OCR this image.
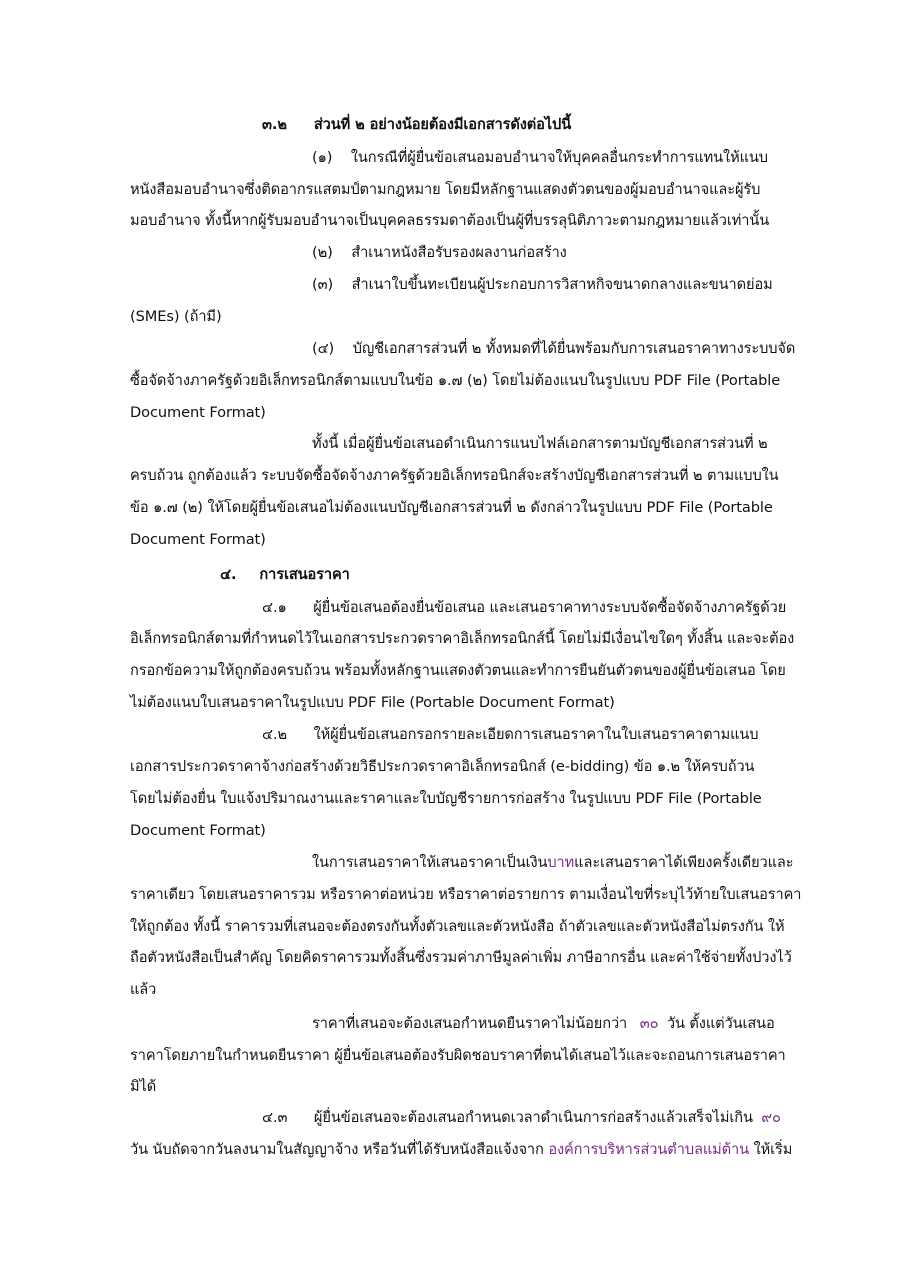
๓.๒ ส่วนที่ ๒ อย่างน้อยต้องมีเอกสารดังต่อไปนี้
(๑) ในกรณีที่ผู้ยื่นข้อเสนอมอบอำนาจให้บุคคลอื่นกระทำการแทนให้แนบ
หนังสือมอบอำนาจซึ่งติดอากรแสตมป์ตามกฎหมาย โดยมีหลักฐานแสดงตัวตนของผู้มอบอำนาจและผู้รับ
มอบอำนาจ ทั้งนี้หากผู้รับมอบอำนาจเป็นบุคคลธรรมดาต้องเป็นผู้ที่บรรลุนิติภาวะตามกฎหมายแล้วเท่านั้น
(๒) สำเนาหนังสือรับรองผลงานก่อสร้าง
(๓) สำเนาใบขึ้นทะเบียนผู้ประกอบการวิสาหกิจขนาดกลางและขนาดย่อม
(SMEs) (ถ้ามี)
(๔) บัญชีเอกสารส่วนที่ ๒ ทั้งหมดที่ได้ยื่นพร้อมกับการเสนอราคาทางระบบจัด
ซื้อจัดจ้างภาครัฐด้วยอิเล็กทรอนิกส์ตามแบบในข้อ ๑.๗ (๒) โดยไม่ต้องแนบในรูปแบบ PDF File (Portable
Document Format)
ทั้งนี้ เมื่อผู้ยื่นข้อเสนอดำเนินการแนบไฟล์เอกสารตามบัญชีเอกสารส่วนที่ ๒
ครบถ้วน ถูกต้องแล้ว ระบบจัดซื้อจัดจ้างภาครัฐด้วยอิเล็กทรอนิกส์จะสร้างบัญชีเอกสารส่วนที่ ๒ ตามแบบใน
ข้อ ๑.๗ (๒) ให้โดยผู้ยื่นข้อเสนอไม่ต้องแนบบัญชีเอกสารส่วนที่ ๒ ดังกล่าวในรูปแบบ PDF File (Portable
Document Format)
๔. การเสนอราคา
๔.๑ ผู้ยื่นข้อเสนอต้องยื่นข้อเสนอ และเสนอราคาทางระบบจัดซื้อจัดจ้างภาครัฐด้วย
อิเล็กทรอนิกส์ตามที่กำหนดไว้ในเอกสารประกวดราคาอิเล็กทรอนิกส์นี้ โดยไม่มีเงื่อนไขใดๆ ทั้งสิ้น และจะต้อง
กรอกข้อความให้ถูกต้องครบถ้วน พร้อมทั้งหลักฐานแสดงตัวตนและทำการยืนยันตัวตนของผู้ยื่นข้อเสนอ โดย
ไม่ต้องแนบใบเสนอราคาในรูปแบบ PDF File (Portable Document Format)
๔.๒ ให้ผู้ยื่นข้อเสนอกรอกรายละเอียดการเสนอราคาในใบเสนอราคาตามแนบ
เอกสารประกวดราคาจ้างก่อสร้างด้วยวิธีประกวดราคาอิเล็กทรอนิกส์ (e-bidding) ข้อ ๑.๒ ให้ครบถ้วน
โดยไม่ต้องยื่น ใบแจ้งปริมาณงานและราคาและใบบัญชีรายการก่อสร้าง ในรูปแบบ PDF File (Portable
Document Format)
ในการเสนอราคาให้เสนอราคาเป็นเงินบาทและเสนอราคาได้เพียงครั้งเดียวและ
ราคาเดียว โดยเสนอราคารวม หรือราคาต่อหน่วย หรือราคาต่อรายการ ตามเงื่อนไขที่ระบุไว้ท้ายใบเสนอราคา
ให้ถูกต้อง ทั้งนี้ ราคารวมที่เสนอจะต้องตรงกันทั้งตัวเลขและตัวหนังสือ ถ้าตัวเลขและตัวหนังสือไม่ตรงกัน ให้
ถือตัวหนังสือเป็นสำคัญ โดยคิดราคารวมทั้งสิ้นซึ่งรวมค่าภาษีมูลค่าเพิ่ม ภาษีอากรอื่น และค่าใช้จ่ายทั้งปวงไว้
แล้ว
ราคาที่เสนอจะต้องเสนอกำหนดยืนราคาไม่น้อยกว่า ๓๐ วัน ตั้งแต่วันเสนอ
ราคาโดยภายในกำหนดยืนราคา ผู้ยื่นข้อเสนอต้องรับผิดชอบราคาที่ตนได้เสนอไว้และจะถอนการเสนอราคา
มิได้
๔.๓ ผู้ยื่นข้อเสนอจะต้องเสนอกำหนดเวลาดำเนินการก่อสร้างแล้วเสร็จไม่เกิน ๙๐
วัน นับถัดจากวันลงนามในสัญญาจ้าง หรือวันที่ได้รับหนังสือแจ้งจาก องค์การบริหารส่วนตำบลแม่ต้าน ให้เริ่ม
